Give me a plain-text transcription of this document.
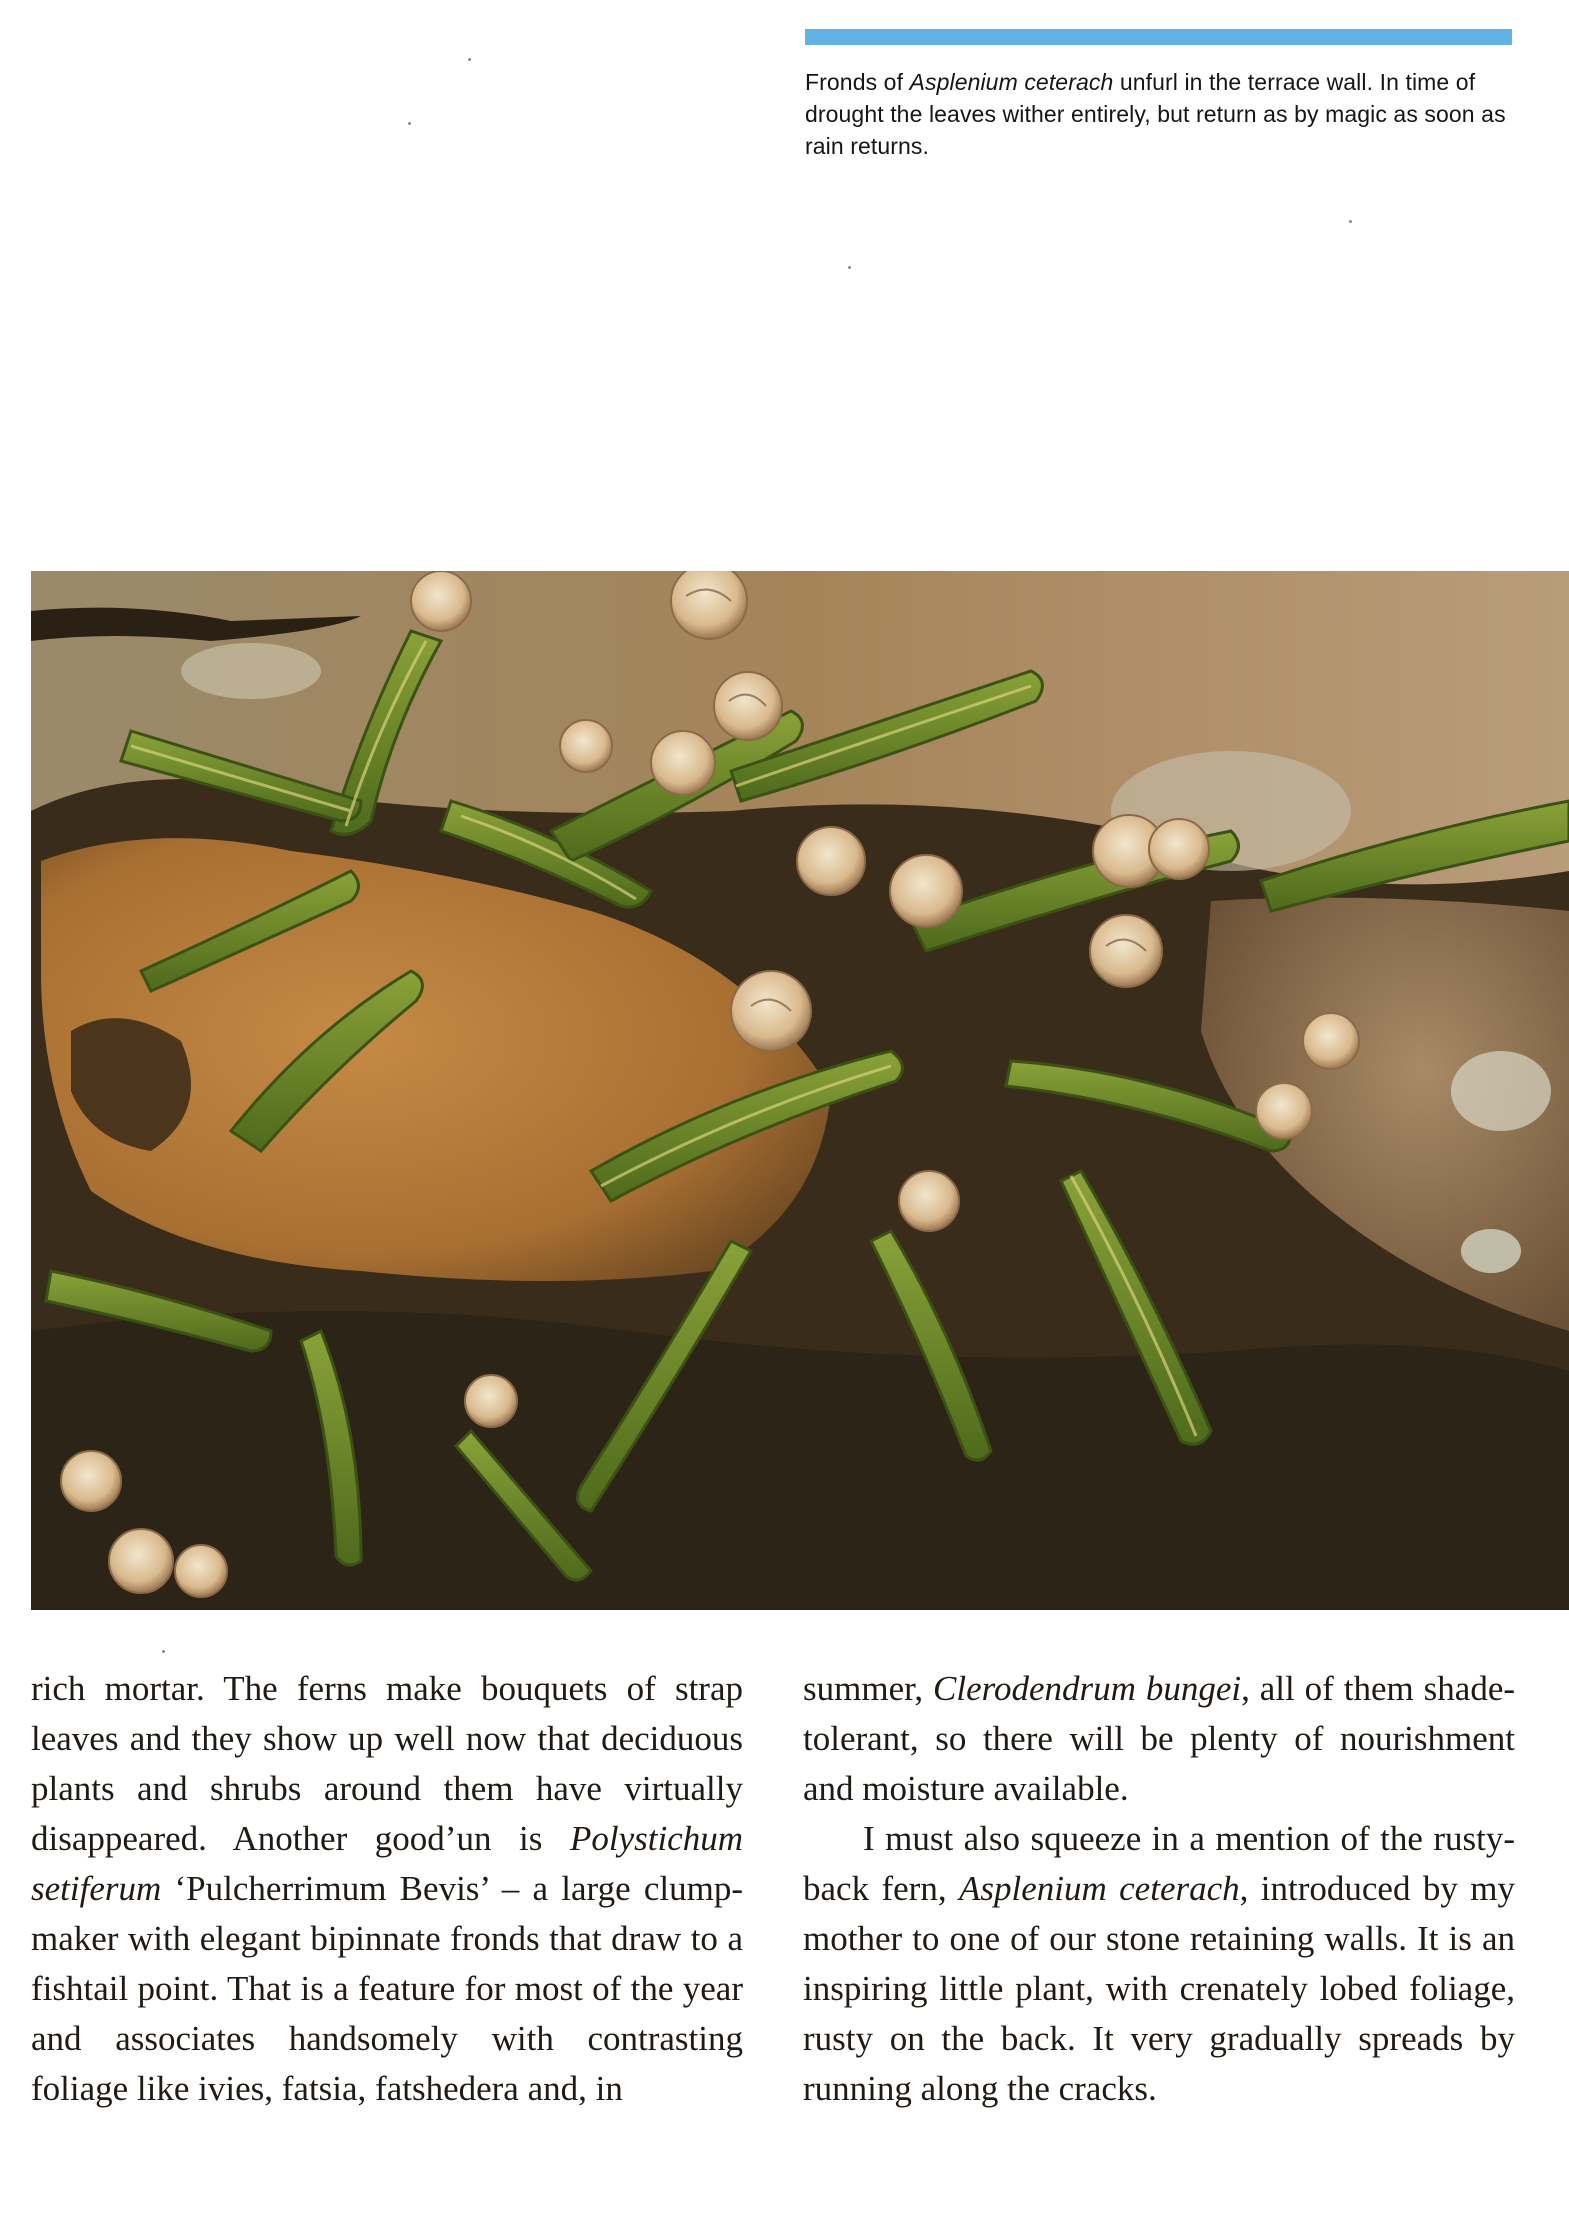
Fronds of Asplenium ceterach unfurl in the terrace wall. In time of drought the leaves wither entirely, but return as by magic as soon as rain returns.

rich mortar. The ferns make bouquets of strap leaves and they show up well now that deciduous plants and shrubs around them have virtually disappeared. Another good’un is Polystichum setiferum ‘Pulcherrimum Bevis’ – a large clump-maker with elegant bipinnate fronds that draw to a fishtail point. That is a feature for most of the year and associates handsomely with contrasting foliage like ivies, fatsia, fatshedera and, in

summer, Clerodendrum bungei, all of them shade-tolerant, so there will be plenty of nourishment and moisture available.

I must also squeeze in a mention of the rusty-back fern, Asplenium ceterach, introduced by my mother to one of our stone retaining walls. It is an inspiring little plant, with crenately lobed foliage, rusty on the back. It very gradually spreads by running along the cracks.
